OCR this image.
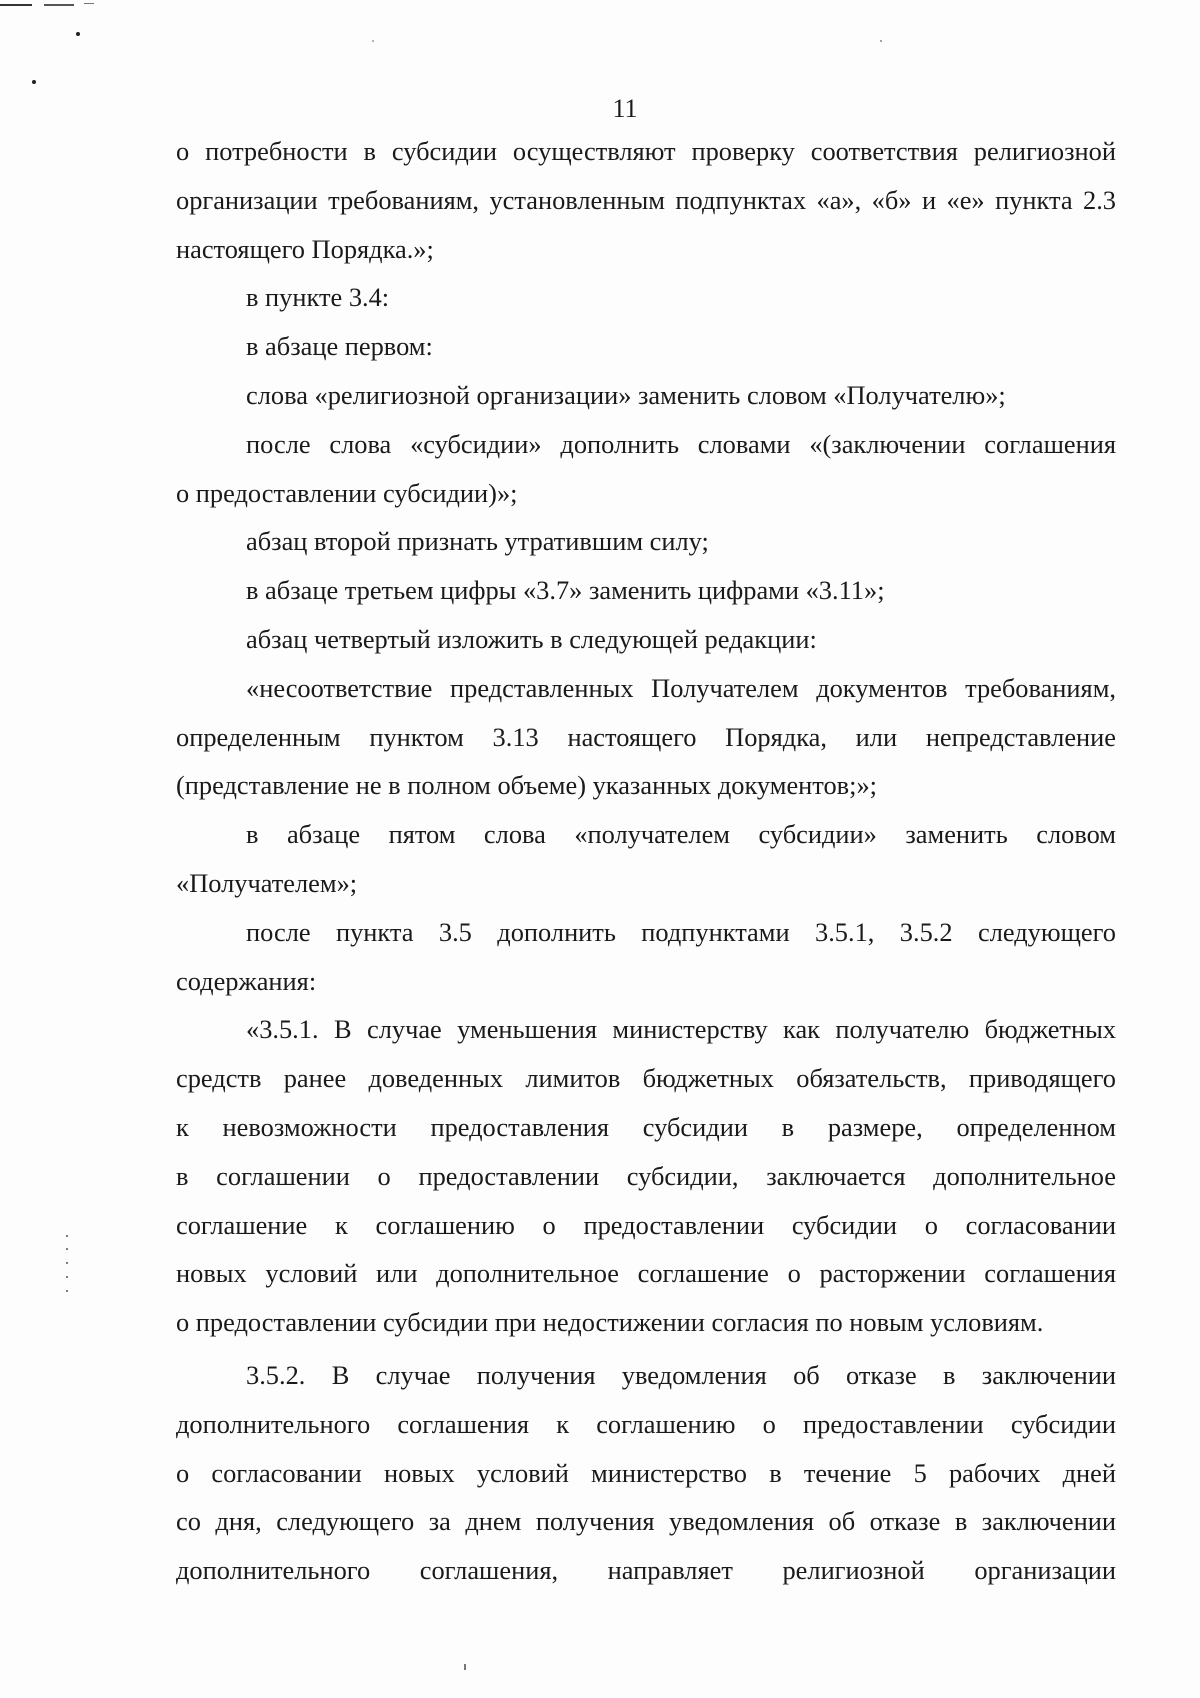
11
о потребности в субсидии осуществляют проверку соответствия религиозной
организации требованиям, установленным подпунктах «а», «б» и «е» пункта 2.3
настоящего Порядка.»;
в пункте 3.4:
в абзаце первом:
слова «религиозной организации» заменить словом «Получателю»;
после слова «субсидии» дополнить словами «(заключении соглашения
о предоставлении субсидии)»;
абзац второй признать утратившим силу;
в абзаце третьем цифры «3.7» заменить цифрами «3.11»;
абзац четвертый изложить в следующей редакции:
«несоответствие представленных Получателем документов требованиям,
определенным пунктом 3.13 настоящего Порядка, или непредставление
(представление не в полном объеме) указанных документов;»;
в абзаце пятом слова «получателем субсидии» заменить словом
«Получателем»;
после пункта 3.5 дополнить подпунктами 3.5.1, 3.5.2 следующего
содержания:
«3.5.1. В случае уменьшения министерству как получателю бюджетных
средств ранее доведенных лимитов бюджетных обязательств, приводящего
к невозможности предоставления субсидии в размере, определенном
в соглашении о предоставлении субсидии, заключается дополнительное
соглашение к соглашению о предоставлении субсидии о согласовании
новых условий или дополнительное соглашение о расторжении соглашения
о предоставлении субсидии при недостижении согласия по новым условиям.
3.5.2. В случае получения уведомления об отказе в заключении
дополнительного соглашения к соглашению о предоставлении субсидии
о согласовании новых условий министерство в течение 5 рабочих дней
со дня, следующего за днем получения уведомления об отказе в заключении
дополнительного соглашения, направляет религиозной организации
